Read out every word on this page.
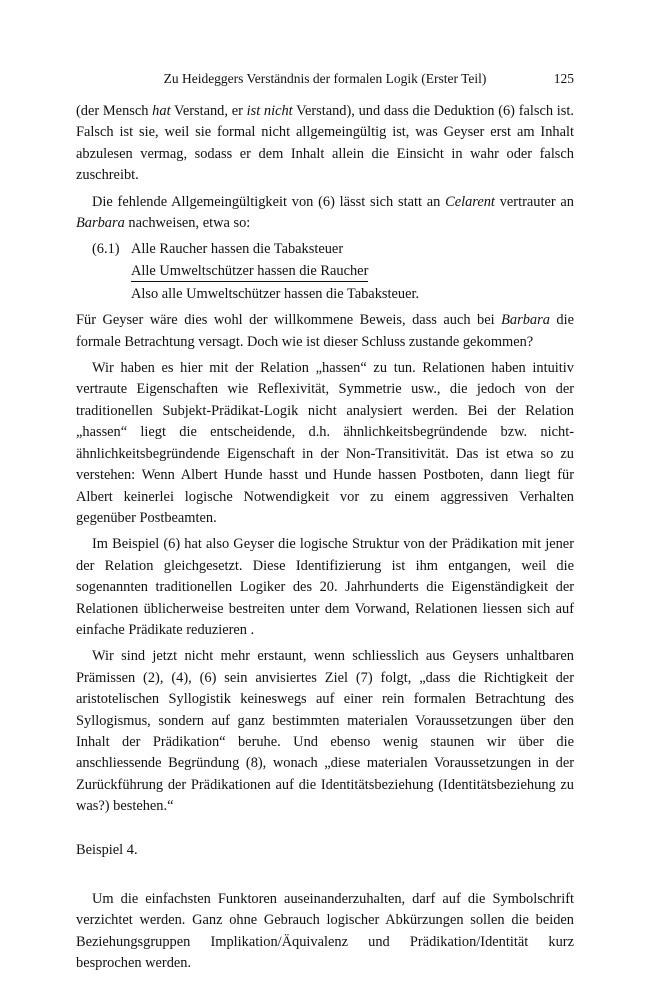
Zu Heideggers Verständnis der formalen Logik (Erster Teil)	125

(der Mensch hat Verstand, er ist nicht Verstand), und dass die Deduktion (6) falsch ist. Falsch ist sie, weil sie formal nicht allgemeingültig ist, was Geyser erst am Inhalt abzulesen vermag, sodass er dem Inhalt allein die Einsicht in wahr oder falsch zuschreibt.

Die fehlende Allgemeingültigkeit von (6) lässt sich statt an Celarent vertrauter an Barbara nachweisen, etwa so:

(6.1) Alle Raucher hassen die Tabaksteuer
Alle Umweltschützer hassen die Raucher
Also alle Umweltschützer hassen die Tabaksteuer.

Für Geyser wäre dies wohl der willkommene Beweis, dass auch bei Barbara die formale Betrachtung versagt. Doch wie ist dieser Schluss zustande gekommen?

Wir haben es hier mit der Relation „hassen“ zu tun. Relationen haben intuitiv vertraute Eigenschaften wie Reflexivität, Symmetrie usw., die jedoch von der traditionellen Subjekt-Prädikat-Logik nicht analysiert werden. Bei der Relation „hassen“ liegt die entscheidende, d.h. ähnlichkeitsbegründende bzw. nicht-ähnlichkeitsbegründende Eigenschaft in der Non-Transitivität. Das ist etwa so zu verstehen: Wenn Albert Hunde hasst und Hunde hassen Postboten, dann liegt für Albert keinerlei logische Notwendigkeit vor zu einem aggressiven Verhalten gegenüber Postbeamten.

Im Beispiel (6) hat also Geyser die logische Struktur von der Prädikation mit jener der Relation gleichgesetzt. Diese Identifizierung ist ihm entgangen, weil die sogenannten traditionellen Logiker des 20. Jahrhunderts die Eigenständigkeit der Relationen üblicherweise bestreiten unter dem Vorwand, Relationen liessen sich auf einfache Prädikate reduzieren .

Wir sind jetzt nicht mehr erstaunt, wenn schliesslich aus Geysers unhaltbaren Prämissen (2), (4), (6) sein anvisiertes Ziel (7) folgt, „dass die Richtigkeit der aristotelischen Syllogistik keineswegs auf einer rein formalen Betrachtung des Syllogismus, sondern auf ganz bestimmten materialen Voraussetzungen über den Inhalt der Prädikation“ beruhe. Und ebenso wenig staunen wir über die anschliessende Begründung (8), wonach „diese materialen Voraussetzungen in der Zurückführung der Prädikationen auf die Identitätsbeziehung (Identitätsbeziehung zu was?) bestehen.“

Beispiel 4.

Um die einfachsten Funktoren auseinanderzuhalten, darf auf die Symbolschrift verzichtet werden. Ganz ohne Gebrauch logischer Abkürzungen sollen die beiden Beziehungsgruppen Implikation/Äquivalenz und Prädikation/Identität kurz besprochen werden.
